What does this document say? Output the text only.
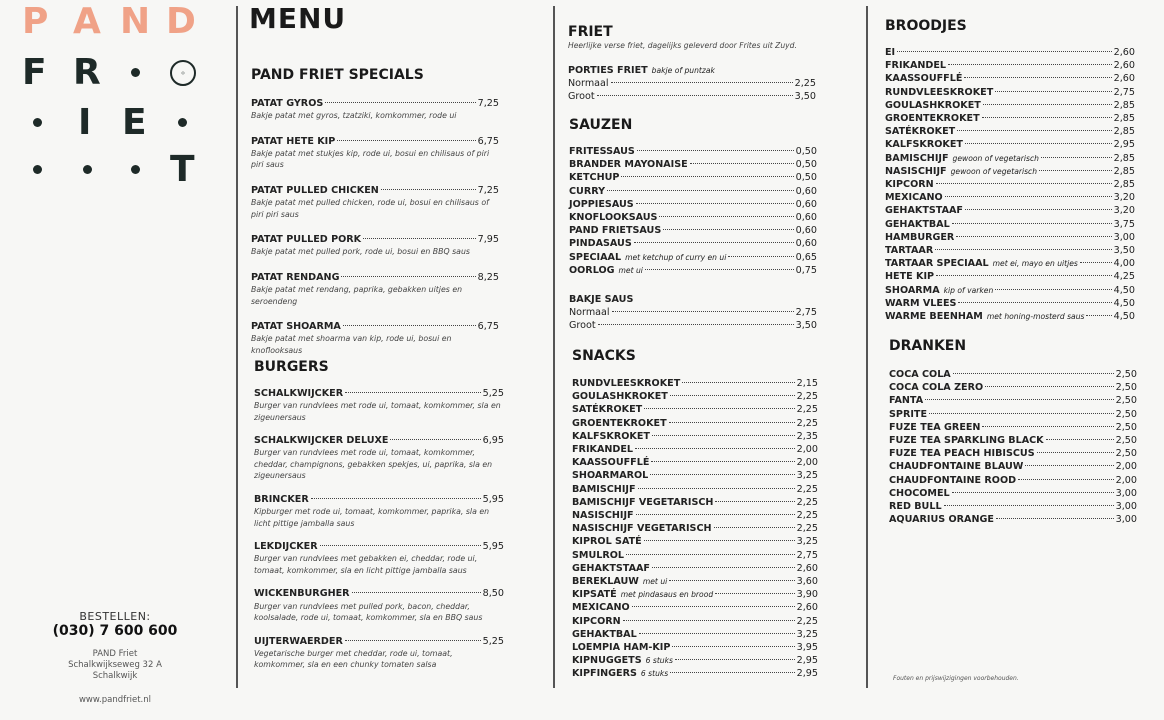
P A N D
F R	◎
I E
T
BESTELLEN:
(030) 7 600 600
PAND Friet
Schalkwijkseweg 32 A
Schalkwijk
www.pandfriet.nl
MENU
PAND FRIET SPECIALS
PATAT GYROS	7,25
Bakje patat met gyros, tzatziki, komkommer, rode ui
PATAT HETE KIP	6,75
Bakje patat met stukjes kip, rode ui, bosui en chilisaus of piri piri saus
PATAT PULLED CHICKEN	7,25
Bakje patat met pulled chicken, rode ui, bosui en chilisaus of piri piri saus
PATAT PULLED PORK	7,95
Bakje patat met pulled pork, rode ui, bosui en BBQ saus
PATAT RENDANG	8,25
Bakje patat met rendang, paprika, gebakken uitjes en seroendeng
PATAT SHOARMA	6,75
Bakje patat met shoarma van kip, rode ui, bosui en knoflooksaus
BURGERS
SCHALKWIJCKER	5,25
Burger van rundvlees met rode ui, tomaat, komkommer, sla en zigeunersaus
SCHALKWIJCKER DELUXE	6,95
Burger van rundvlees met rode ui, tomaat, komkommer, cheddar, champignons, gebakken spekjes, ui, paprika, sla en zigeunersaus
BRINCKER	5,95
Kipburger met rode ui, tomaat, komkommer, paprika, sla en licht pittige jamballa saus
LEKDIJCKER	5,95
Burger van rundvlees met gebakken ei, cheddar, rode ui, tomaat, komkommer, sla en licht pittige jamballa saus
WICKENBURGHER	8,50
Burger van rundvlees met pulled pork, bacon, cheddar, koolsalade, rode ui, tomaat, komkommer, sla en BBQ saus
UIJTERWAERDER	5,25
Vegetarische burger met cheddar, rode ui, tomaat, komkommer, sla en een chunky tomaten salsa
FRIET
Heerlijke verse friet, dagelijks geleverd door Frites uit Zuyd.
PORTIES FRIET bakje of puntzak
Normaal	2,25
Groot	3,50
SAUZEN
FRITESSAUS	0,50
BRANDER MAYONAISE	0,50
KETCHUP	0,50
CURRY	0,60
JOPPIESAUS	0,60
KNOFLOOKSAUS	0,60
PAND FRIETSAUS	0,60
PINDASAUS	0,60
SPECIAAL met ketchup of curry en ui	0,65
OORLOG met ui	0,75
BAKJE SAUS
Normaal	2,75
Groot	3,50
SNACKS
RUNDVLEESKROKET	2,15
GOULASHKROKET	2,25
SATÉKROKET	2,25
GROENTEKROKET	2,25
KALFSKROKET	2,35
FRIKANDEL	2,00
KAASSOUFFLÉ	2,00
SHOARMAROL	3,25
BAMISCHIJF	2,25
BAMISCHIJF VEGETARISCH	2,25
NASISCHIJF	2,25
NASISCHIJF VEGETARISCH	2,25
KIPROL SATÉ	3,25
SMULROL	2,75
GEHAKTSTAAF	2,60
BEREKLAUW met ui	3,60
KIPSATÉ met pindasaus en brood	3,90
MEXICANO	2,60
KIPCORN	2,25
GEHAKTBAL	3,25
LOEMPIA HAM-KIP	3,95
KIPNUGGETS 6 stuks	2,95
KIPFINGERS 6 stuks	2,95
BROODJES
EI	2,60
FRIKANDEL	2,60
KAASSOUFFLÉ	2,60
RUNDVLEESKROKET	2,75
GOULASHKROKET	2,85
GROENTEKROKET	2,85
SATÉKROKET	2,85
KALFSKROKET	2,95
BAMISCHIJF gewoon of vegetarisch	2,85
NASISCHIJF gewoon of vegetarisch	2,85
KIPCORN	2,85
MEXICANO	3,20
GEHAKTSTAAF	3,20
GEHAKTBAL	3,75
HAMBURGER	3,00
TARTAAR	3,50
TARTAAR SPECIAAL met ei, mayo en uitjes	4,00
HETE KIP	4,25
SHOARMA kip of varken	4,50
WARM VLEES	4,50
WARME BEENHAM met honing-mosterd saus	4,50
DRANKEN
COCA COLA	2,50
COCA COLA ZERO	2,50
FANTA	2,50
SPRITE	2,50
FUZE TEA GREEN	2,50
FUZE TEA SPARKLING BLACK	2,50
FUZE TEA PEACH HIBISCUS	2,50
CHAUDFONTAINE BLAUW	2,00
CHAUDFONTAINE ROOD	2,00
CHOCOMEL	3,00
RED BULL	3,00
AQUARIUS ORANGE	3,00
Fouten en prijswijzigingen voorbehouden.
